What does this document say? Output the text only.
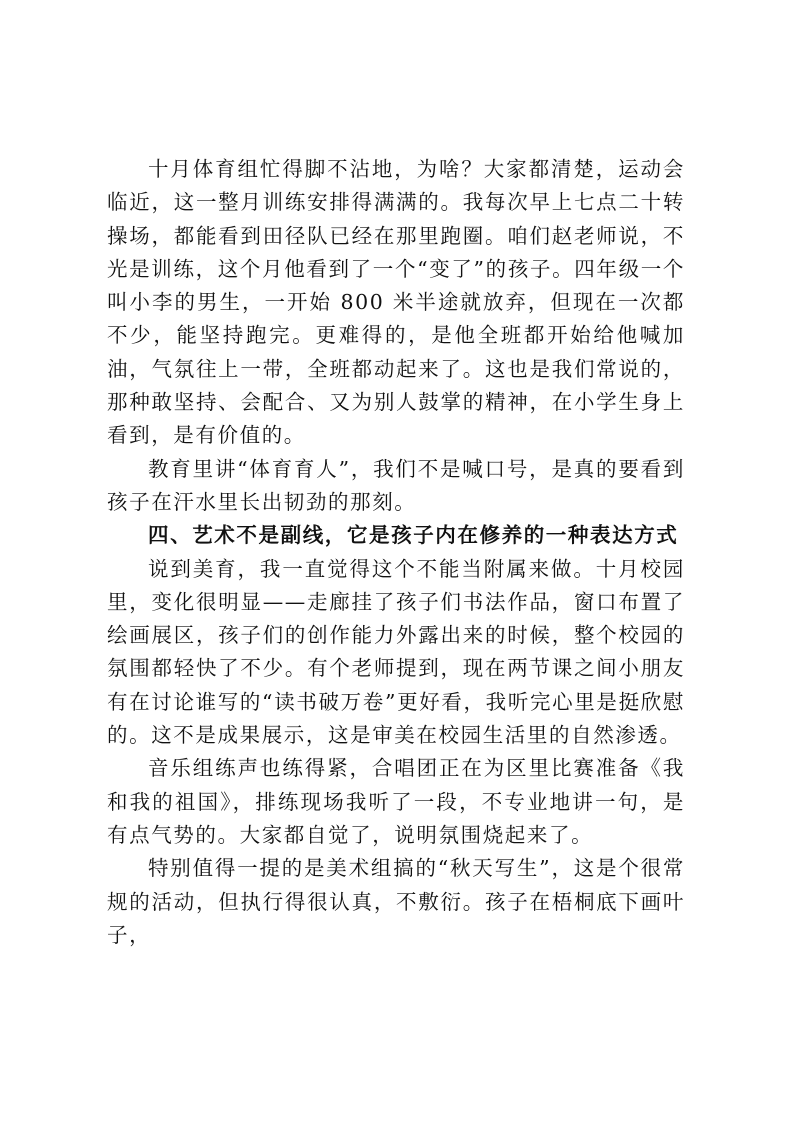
十月体育组忙得脚不沾地，为啥？大家都清楚，运动会临近，这一整月训练安排得满满的。我每次早上七点二十转操场，都能看到田径队已经在那里跑圈。咱们赵老师说，不光是训练，这个月他看到了一个“变了”的孩子。四年级一个叫小李的男生，一开始 800 米半途就放弃，但现在一次都不少，能坚持跑完。更难得的，是他全班都开始给他喊加油，气氛往上一带，全班都动起来了。这也是我们常说的，那种敢坚持、会配合、又为别人鼓掌的精神，在小学生身上看到，是有价值的。

教育里讲“体育育人”，我们不是喊口号，是真的要看到孩子在汗水里长出韧劲的那刻。

四、艺术不是副线，它是孩子内在修养的一种表达方式

说到美育，我一直觉得这个不能当附属来做。十月校园里，变化很明显——走廊挂了孩子们书法作品，窗口布置了绘画展区，孩子们的创作能力外露出来的时候，整个校园的氛围都轻快了不少。有个老师提到，现在两节课之间小朋友有在讨论谁写的“读书破万卷”更好看，我听完心里是挺欣慰的。这不是成果展示，这是审美在校园生活里的自然渗透。

音乐组练声也练得紧，合唱团正在为区里比赛准备《我和我的祖国》，排练现场我听了一段，不专业地讲一句，是有点气势的。大家都自觉了，说明氛围烧起来了。

特别值得一提的是美术组搞的“秋天写生”，这是个很常规的活动，但执行得很认真，不敷衍。孩子在梧桐底下画叶子，
